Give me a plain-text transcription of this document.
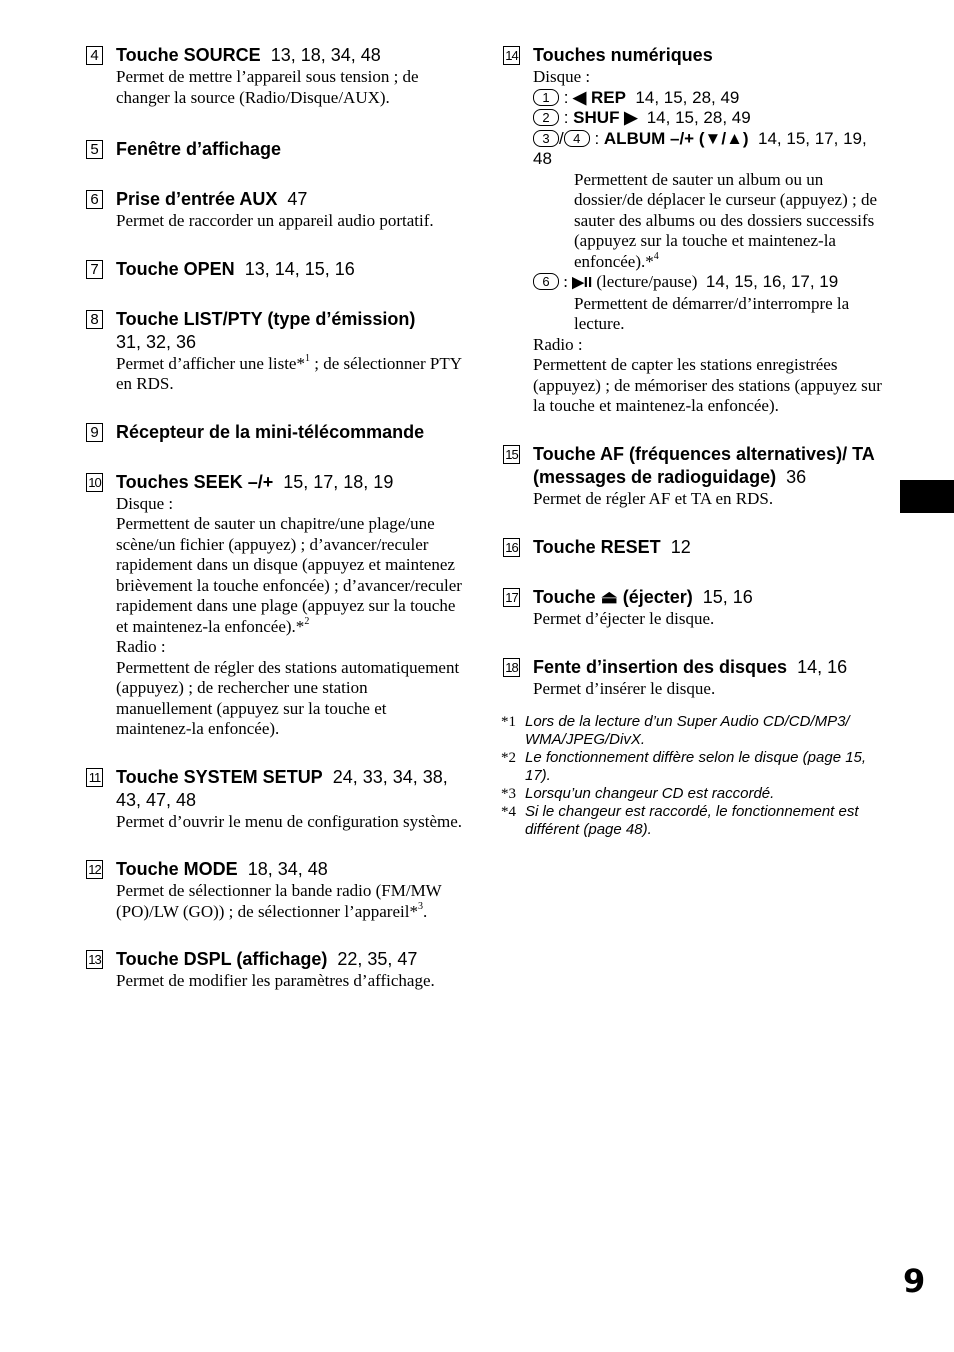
4 Touche SOURCE 13, 18, 34, 48
Permet de mettre l’appareil sous tension ; de changer la source (Radio/Disque/AUX).
5 Fenêtre d’affichage
6 Prise d’entrée AUX 47
Permet de raccorder un appareil audio portatif.
7 Touche OPEN 13, 14, 15, 16
8 Touche LIST/PTY (type d’émission)
31, 32, 36
Permet d’afficher une liste*$^1$ ; de sélectionner PTY en RDS.
9 Récepteur de la mini-télécommande
10 Touches SEEK –/+ 15, 17, 18, 19

Disque :

Permettent de sauter un chapitre/une plage/une scène/un fichier (appuyez) ; d’avancer/reculer rapidement dans un disque (appuyez et maintenez brièvement la touche enfoncée) ; d’avancer/reculer rapidement dans une plage (appuyez sur la touche et maintenez-la enfoncée).*$^2$

Radio :

Permettent de régler des stations automatiquement (appuyez) ; de rechercher une station manuellement (appuyez sur la touche et maintenez-la enfoncée).

11 Touche SYSTEM SETUP 24, 33, 34, 38, 43, 47, 48
Permet d’ouvrir le menu de configuration système.
12 Touche MODE 18, 34, 48
Permet de sélectionner la bande radio (FM/MW (PO)/LW (GO)) ; de sélectionner l’appareil*$^3$.
13 Touche DSPL (affichage) 22, 35, 47
Permet de modifier les paramètres d’affichage.
14 Touches numériques

Disque :

1 : ◀ REP 14, 15, 28, 49

2 : SHUF ▶ 14, 15, 28, 49

3 / 4 : ALBUM –/+ (▼/▲) 14, 15, 17, 19, 48

Permettent de sauter un album ou un dossier/de déplacer le curseur (appuyez) ; de sauter des albums ou des dossiers successifs (appuyez sur la touche et maintenez-la enfoncée).*$^4$

6 : ▶II (lecture/pause) 14, 15, 16, 17, 19

Permettent de démarrer/d’interrompre la lecture.

Radio :

Permettent de capter les stations enregistrées (appuyez) ; de mémoriser des stations (appuyez sur la touche et maintenez-la enfoncée).

15 Touche AF (fréquences alternatives)/ TA (messages de radioguidage) 36
Permet de régler AF et TA en RDS.
16 Touche RESET 12
17 Touche ⏏ (éjecter) 15, 16
Permet d’éjecter le disque.
18 Fente d’insertion des disques 14, 16
Permet d’insérer le disque.
*1 Lors de la lecture d’un Super Audio CD/CD/MP3/ WMA/JPEG/DivX.
*2 Le fonctionnement diffère selon le disque (page 15, 17).
*3 Lorsqu’un changeur CD est raccordé.
*4 Si le changeur est raccordé, le fonctionnement est différent (page 48).
9
